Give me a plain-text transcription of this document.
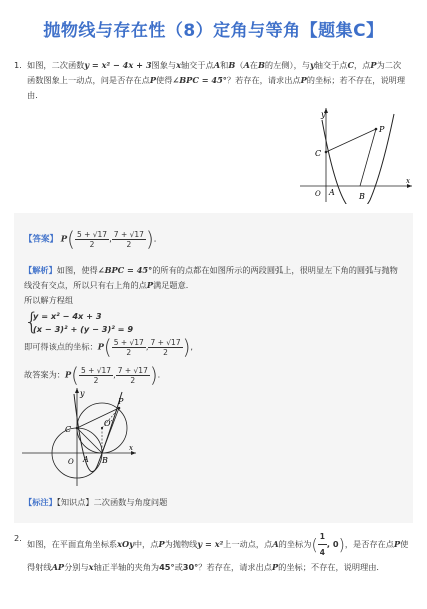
抛物线与存在性（8）定角与等角【题集C】
1. 如图，二次函数y = x² − 4x + 3图象与x轴交于点A和B（A在B的左侧），与y轴交于点C，点P为二次函数图象上一动点，问是否存在点P使得∠BPC = 45°？若存在，请求出点P的坐标；若不存在，说明理由．
y
P
C
O A	B
x
【答案】 $P( \frac{5 + √17}{2}$ , $\frac{7 + √17}{2}$ )．
【解析】如图，使得∠BPC = 45°的所有的点都在如图所示的两段圆弧上，很明显左下角的圆弧与抛物线没有交点，所以只有右上角的点P满足题意．
所以解方程组
{
y = x² − 4x + 3
(x − 3)² + (y − 3)² = 9
即可得该点的坐标：$P( \frac{5 + √17}{2}$ , $\frac{7 + √17}{2}$ ),
故答案为：$P( \frac{5 + √17}{2}$ , $\frac{7 + √17}{2}$ )．
y
P
O′
C
O A B
x
【标注】【知识点】二次函数与角度问题
2.
如图，在平面直角坐标系xOy中，点P为抛物线y = x²上一动点，点A的坐标为( $\frac{1}{4}$ , 0)，是否存在点P使得射线AP分别与x轴正半轴的夹角为45°或30°？若存在，请求出点P的坐标；不存在，说明理由．
